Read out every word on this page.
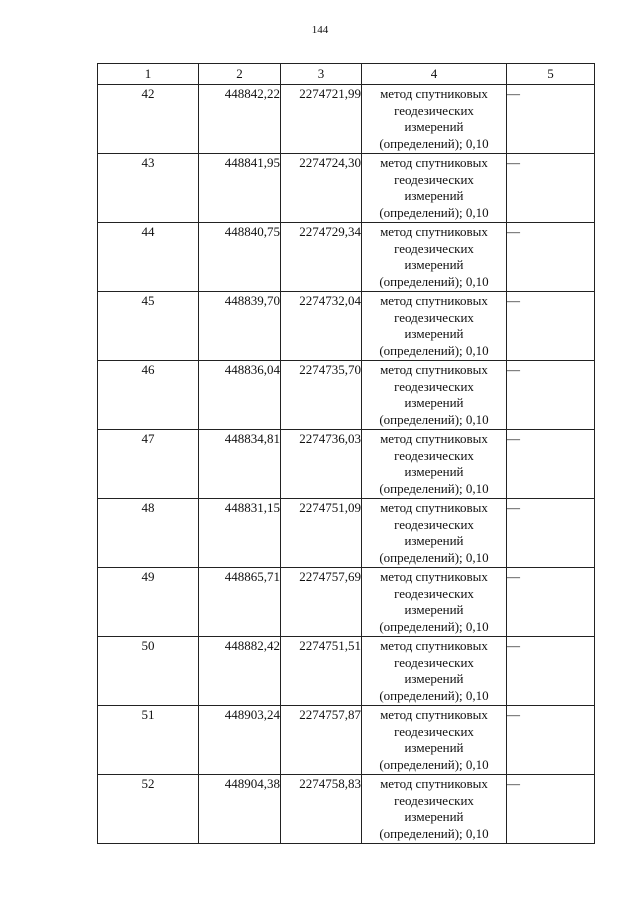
144
1	2	3	4	5
42	448842,22	2274721,99	метод спутниковых
геодезических
измерений
(определений); 0,10	—
43	448841,95	2274724,30	метод спутниковых
геодезических
измерений
(определений); 0,10	—
44	448840,75	2274729,34	метод спутниковых
геодезических
измерений
(определений); 0,10	—
45	448839,70	2274732,04	метод спутниковых
геодезических
измерений
(определений); 0,10	—
46	448836,04	2274735,70	метод спутниковых
геодезических
измерений
(определений); 0,10	—
47	448834,81	2274736,03	метод спутниковых
геодезических
измерений
(определений); 0,10	—
48	448831,15	2274751,09	метод спутниковых
геодезических
измерений
(определений); 0,10	—
49	448865,71	2274757,69	метод спутниковых
геодезических
измерений
(определений); 0,10	—
50	448882,42	2274751,51	метод спутниковых
геодезических
измерений
(определений); 0,10	—
51	448903,24	2274757,87	метод спутниковых
геодезических
измерений
(определений); 0,10	—
52	448904,38	2274758,83	метод спутниковых
геодезических
измерений
(определений); 0,10	—
